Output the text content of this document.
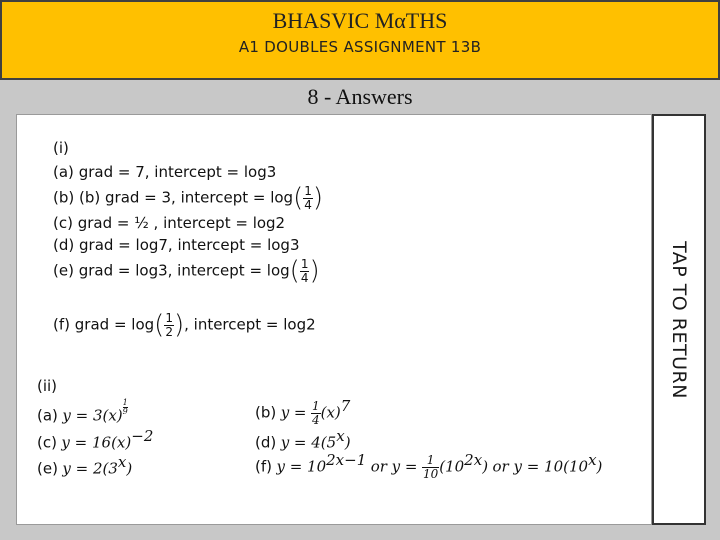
BHASVIC MαTHS
A1 DOUBLES ASSIGNMENT 13B
8 - Answers
(i)
(a) grad = 7, intercept = log3
(b) (b) grad = 3, intercept = $\log( \frac{1}{4}$ )
(c) grad = ½ , intercept = log2
(d) grad = log7, intercept = log3
(e) grad = log3, intercept = $\log( \frac{1}{4}$ )
(f) grad = $\log( \frac{1}{2}$ ), intercept = log2
(ii)
(a) $y = 3(x) \frac{1}{9}$	(b) $y = \frac{1}{4} (x)^7$
(c) $y = 16(x)^{-2}$	(d) $y = 4(5^x)$
(e) $y = 2(3^x)$	(f) $y = 10^{2x-1}$ or $y = \frac{1}{10} (10^{2x})$ or $y = 10(10^x)$
TAP TO RETURN
